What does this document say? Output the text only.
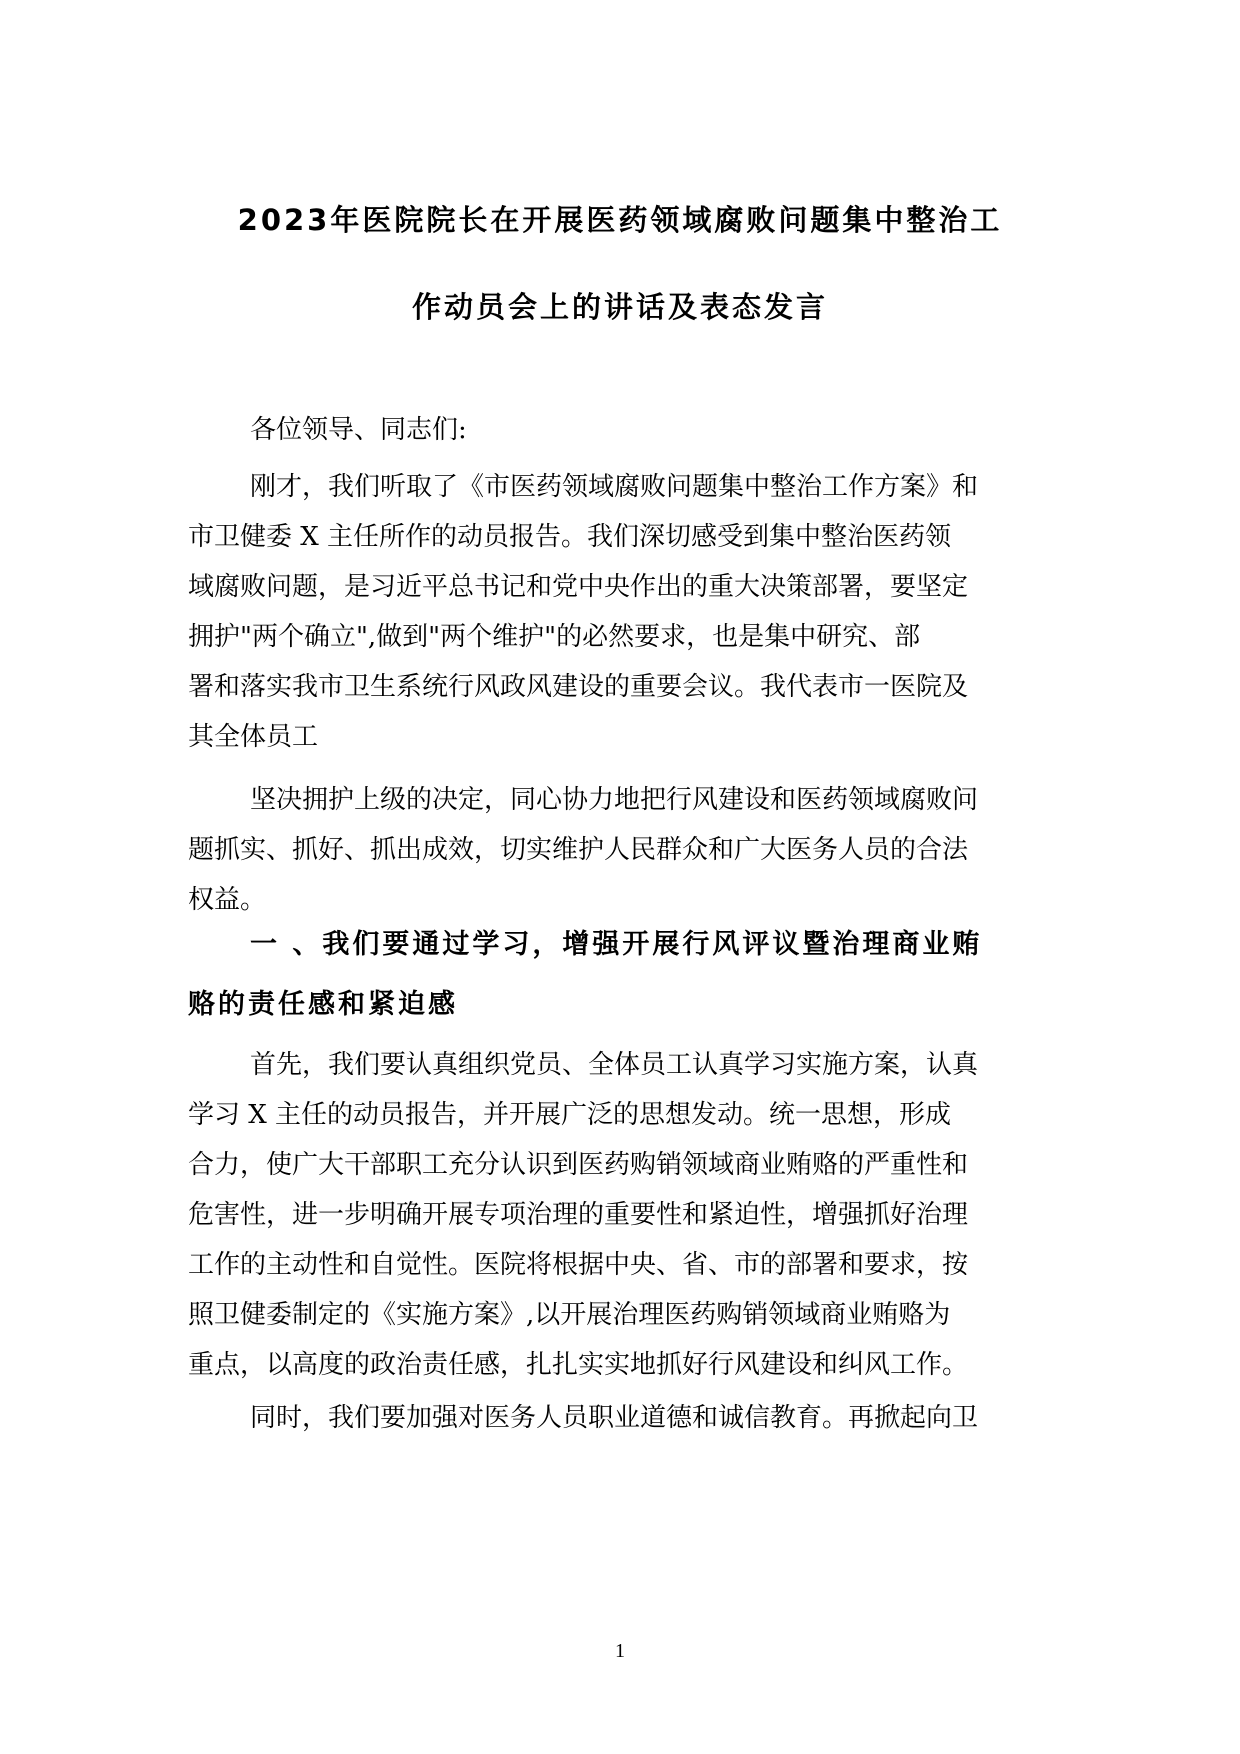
2023年医院院长在开展医药领域腐败问题集中整治工
作动员会上的讲话及表态发言

各位领导、同志们:

刚才，我们听取了《市医药领域腐败问题集中整治工作方案》和
市卫健委 X 主任所作的动员报告。我们深切感受到集中整治医药领
域腐败问题，是习近平总书记和党中央作出的重大决策部署，要坚定
拥护"两个确立",做到"两个维护"的必然要求，也是集中研究、部
署和落实我市卫生系统行风政风建设的重要会议。我代表市一医院及
其全体员工

坚决拥护上级的决定，同心协力地把行风建设和医药领域腐败问
题抓实、抓好、抓出成效，切实维护人民群众和广大医务人员的合法
权益。

一 、我们要通过学习，增强开展行风评议暨治理商业贿
赂的责任感和紧迫感

首先，我们要认真组织党员、全体员工认真学习实施方案，认真
学习 X 主任的动员报告，并开展广泛的思想发动。统一思想，形成
合力，使广大干部职工充分认识到医药购销领域商业贿赂的严重性和
危害性，进一步明确开展专项治理的重要性和紧迫性，增强抓好治理
工作的主动性和自觉性。医院将根据中央、省、市的部署和要求，按
照卫健委制定的《实施方案》,以开展治理医药购销领域商业贿赂为
重点，以高度的政治责任感，扎扎实实地抓好行风建设和纠风工作。

同时，我们要加强对医务人员职业道德和诚信教育。再掀起向卫

1
